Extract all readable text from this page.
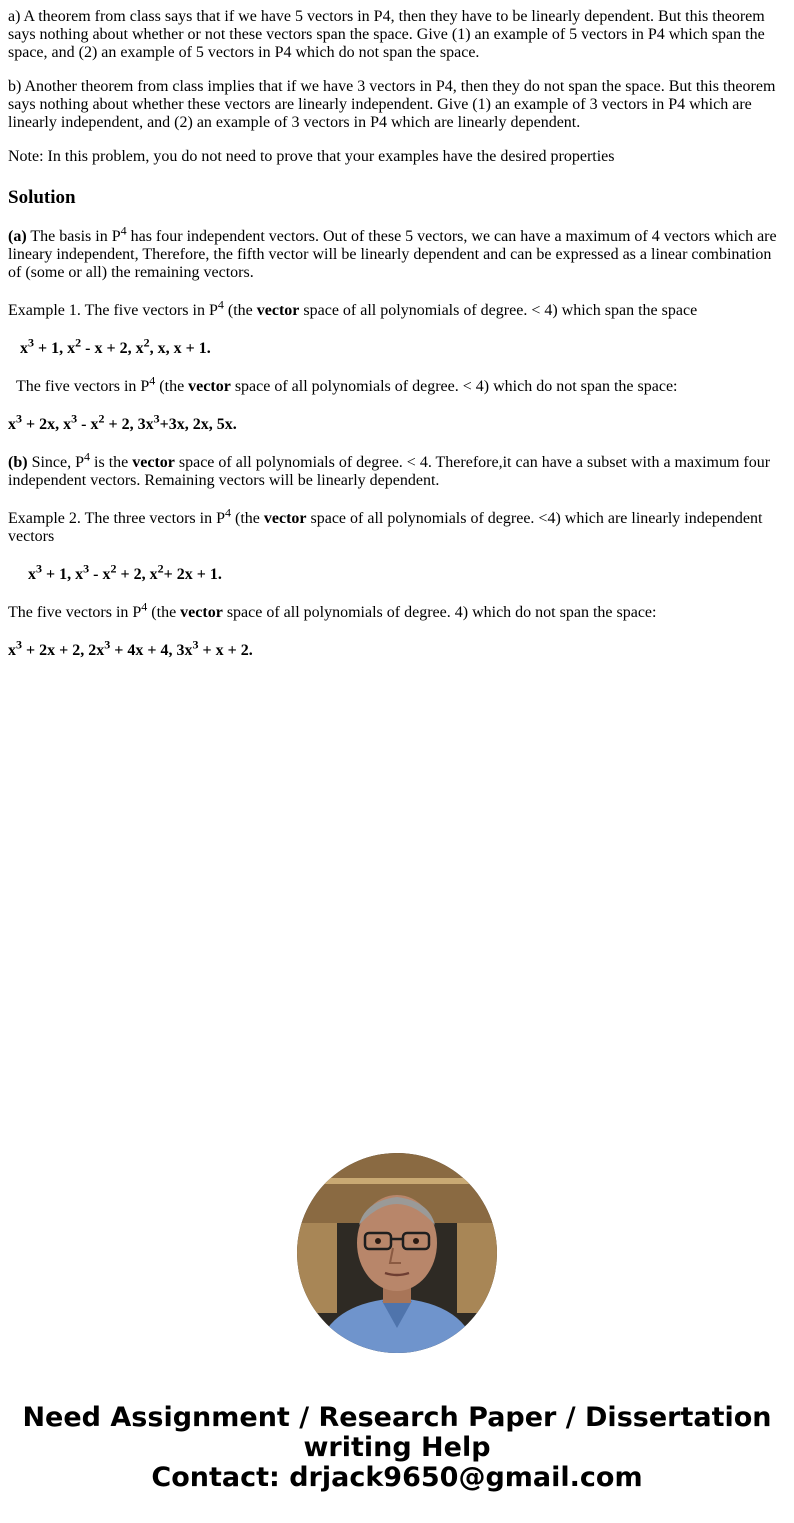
a) A theorem from class says that if we have 5 vectors in P4, then they have to be linearly dependent. But this theorem says nothing about whether or not these vectors span the space. Give (1) an example of 5 vectors in P4 which span the space, and (2) an example of 5 vectors in P4 which do not span the space.

b) Another theorem from class implies that if we have 3 vectors in P4, then they do not span the space. But this theorem says nothing about whether these vectors are linearly independent. Give (1) an example of 3 vectors in P4 which are linearly independent, and (2) an example of 3 vectors in P4 which are linearly dependent.

Note: In this problem, you do not need to prove that your examples have the desired properties

Solution

(a) The basis in $P^4$ has four independent vectors. Out of these 5 vectors, we can have a maximum of 4 vectors which are lineary independent, Therefore, the fifth vector will be linearly dependent and can be expressed as a linear combination of (some or all) the remaining vectors.

Example 1. The five vectors in $P^4$ (the vector space of all polynomials of degree. < 4) which span the space

$x^3 + 1$, $x^2 - x + 2$, $x^2$, x, x + 1.

The five vectors in $P^4$ (the vector space of all polynomials of degree. < 4) which do not span the space:

$x^3 + 2x$, $x^3 - x^2 + 2$, $3x^3+3x$, 2x, 5x.

(b) Since, $P^4$ is the vector space of all polynomials of degree. < 4. Therefore,it can have a subset with a maximum four independent vectors. Remaining vectors will be linearly dependent.

Example 2. The three vectors in $P^4$ (the vector space of all polynomials of degree. <4) which are linearly independent vectors

$x^3 + 1$, $x^3 - x^2 + 2$, $x^2+ 2x + 1$.

The five vectors in $P^4$ (the vector space of all polynomials of degree. 4) which do not span the space:

$x^3 + 2x + 2$, $2x^3 + 4x + 4$, $3x^3 + x + 2$.

Need Assignment / Research Paper / Dissertation
writing Help
Contact: drjack9650@gmail.com
